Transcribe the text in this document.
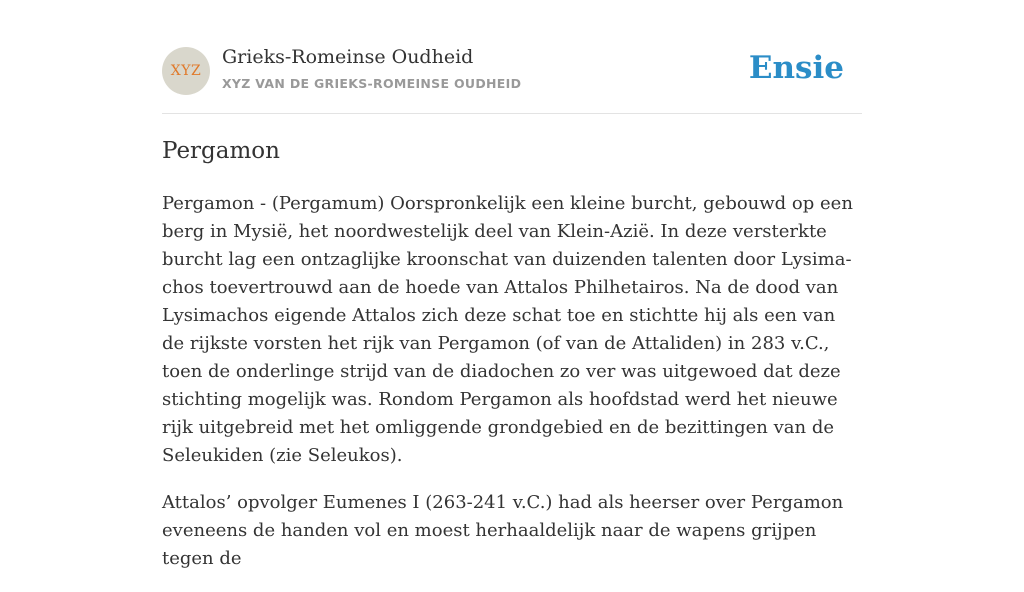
XYZ
Grieks-Romeinse Oudheid
XYZ VAN DE GRIEKS-ROMEINSE OUDHEID	Ensie
Pergamon

Pergamon - (Pergamum) Oorspronkelijk een kleine burcht, gebouwd op een berg in Mysië, het noordwestelijk deel van Klein-Azië. In deze versterkte burcht lag een ontzaglijke kroonschat van duizenden talenten door Lysima- chos toevertrouwd aan de hoede van Attalos Philhetairos. Na de dood van Lysimachos eigende Attalos zich deze schat toe en stichtte hij als een van de rijkste vorsten het rijk van Pergamon (of van de Attaliden) in 283 v.C., toen de onderlinge strijd van de diadochen zo ver was uitgewoed dat deze stichting mogelijk was. Rondom Pergamon als hoofdstad werd het nieuwe rijk uitgebreid met het omliggende grondgebied en de bezittingen van de Seleukiden (zie Seleukos).

Attalos’ opvolger Eumenes I (263-241 v.C.) had als heerser over Pergamon eveneens de handen vol en moest herhaaldelijk naar de wapens grijpen tegen de
